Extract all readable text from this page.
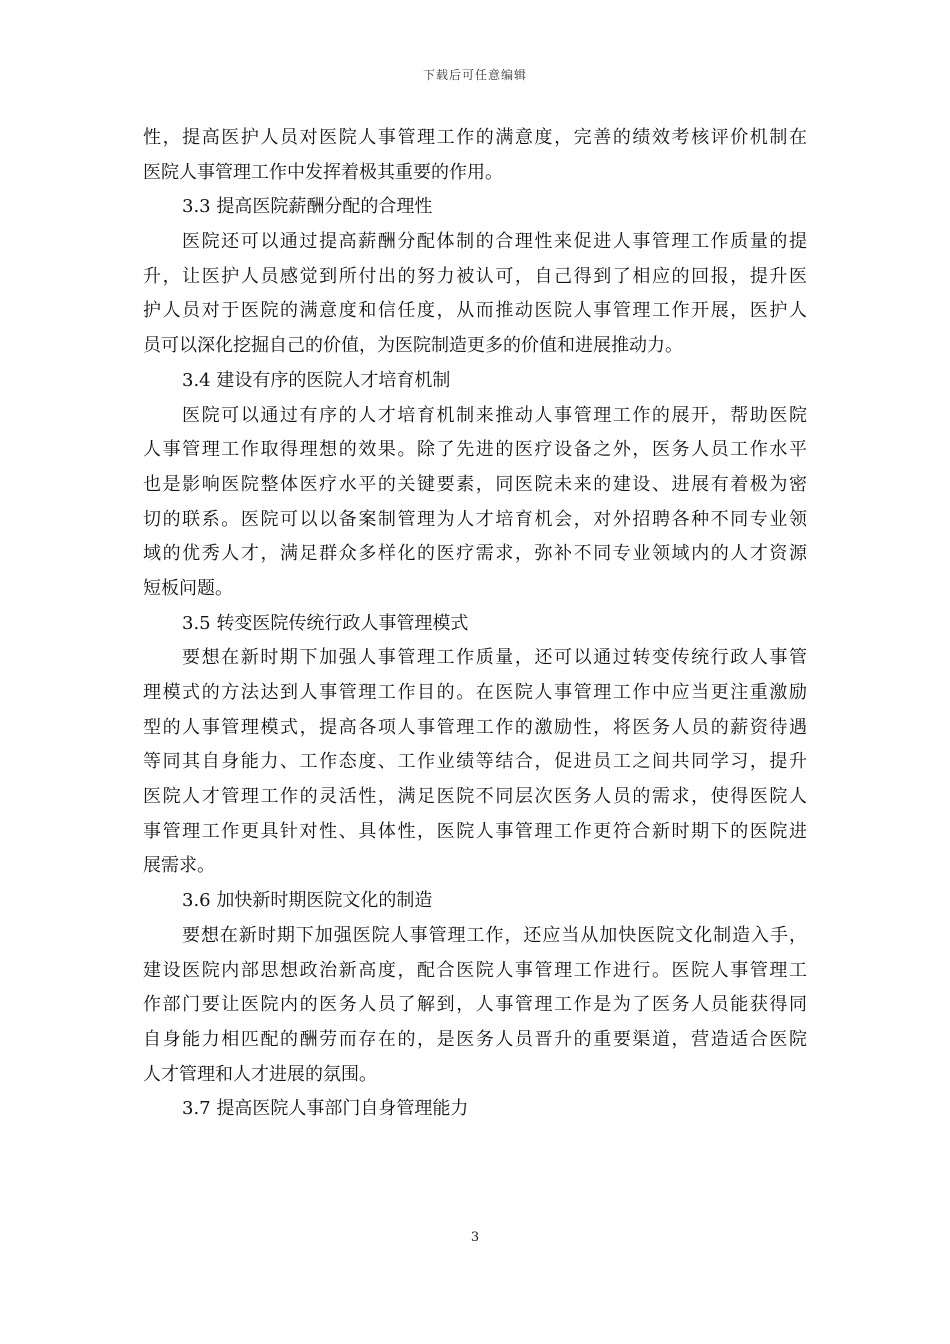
下载后可任意编辑
性，提高医护人员对医院人事管理工作的满意度，完善的绩效考核评价机制在
医院人事管理工作中发挥着极其重要的作用。
3.3 提高医院薪酬分配的合理性
医院还可以通过提高薪酬分配体制的合理性来促进人事管理工作质量的提
升，让医护人员感觉到所付出的努力被认可，自己得到了相应的回报，提升医
护人员对于医院的满意度和信任度，从而推动医院人事管理工作开展，医护人
员可以深化挖掘自己的价值，为医院制造更多的价值和进展推动力。
3.4 建设有序的医院人才培育机制
医院可以通过有序的人才培育机制来推动人事管理工作的展开，帮助医院
人事管理工作取得理想的效果。除了先进的医疗设备之外，医务人员工作水平
也是影响医院整体医疗水平的关键要素，同医院未来的建设、进展有着极为密
切的联系。医院可以以备案制管理为人才培育机会，对外招聘各种不同专业领
域的优秀人才，满足群众多样化的医疗需求，弥补不同专业领域内的人才资源
短板问题。
3.5 转变医院传统行政人事管理模式
要想在新时期下加强人事管理工作质量，还可以通过转变传统行政人事管
理模式的方法达到人事管理工作目的。在医院人事管理工作中应当更注重激励
型的人事管理模式，提高各项人事管理工作的激励性，将医务人员的薪资待遇
等同其自身能力、工作态度、工作业绩等结合，促进员工之间共同学习，提升
医院人才管理工作的灵活性，满足医院不同层次医务人员的需求，使得医院人
事管理工作更具针对性、具体性，医院人事管理工作更符合新时期下的医院进
展需求。
3.6 加快新时期医院文化的制造
要想在新时期下加强医院人事管理工作，还应当从加快医院文化制造入手，
建设医院内部思想政治新高度，配合医院人事管理工作进行。医院人事管理工
作部门要让医院内的医务人员了解到，人事管理工作是为了医务人员能获得同
自身能力相匹配的酬劳而存在的，是医务人员晋升的重要渠道，营造适合医院
人才管理和人才进展的氛围。
3.7 提高医院人事部门自身管理能力
3
